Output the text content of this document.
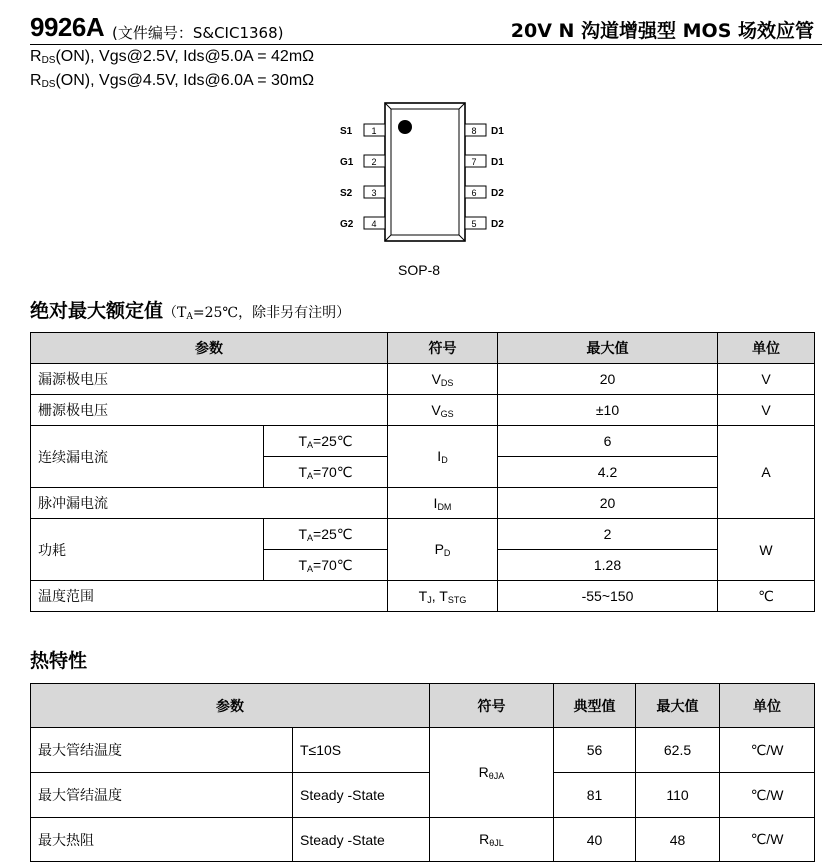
9926A (文件编号：S&CIC1368)	20V N 沟道增强型 MOS 场效应管
$R_{DS}(ON)$, Vgs@2.5V, Ids@5.0A = 42mΩ
$R_{DS}(ON)$, Vgs@4.5V, Ids@6.0A = 30mΩ
1
S1
2
G1
3
S2
4
G2
8 D1
7 D1
6 D2
5 D2
SOP-8
绝对最大额定值（$T_A=25℃$，除非另有注明）
参数		符号	最大值	单位
漏源极电压		$V_{DS}$	20	V
栅源极电压		$V_{GS}$	±10	V
连续漏电流	$T_A=25℃$	$I_D$	6	A
	$T_A=70℃$		4.2	
脉冲漏电流		$I_{DM}$	20	
功耗	$T_A=25℃$	$P_D$	2	W
	$T_A=70℃$		1.28	
温度范围		$T_J$, $T_{STG}$	-55~150	℃
热特性
参数		符号	典型值	最大值	单位
最大管结温度	T≤10S	$R_{\theta JA}$	56	62.5	℃/W
最大管结温度	Steady -State		81	110	℃/W
最大热阻	Steady -State	$R_{\theta JL}$	40	48	℃/W
